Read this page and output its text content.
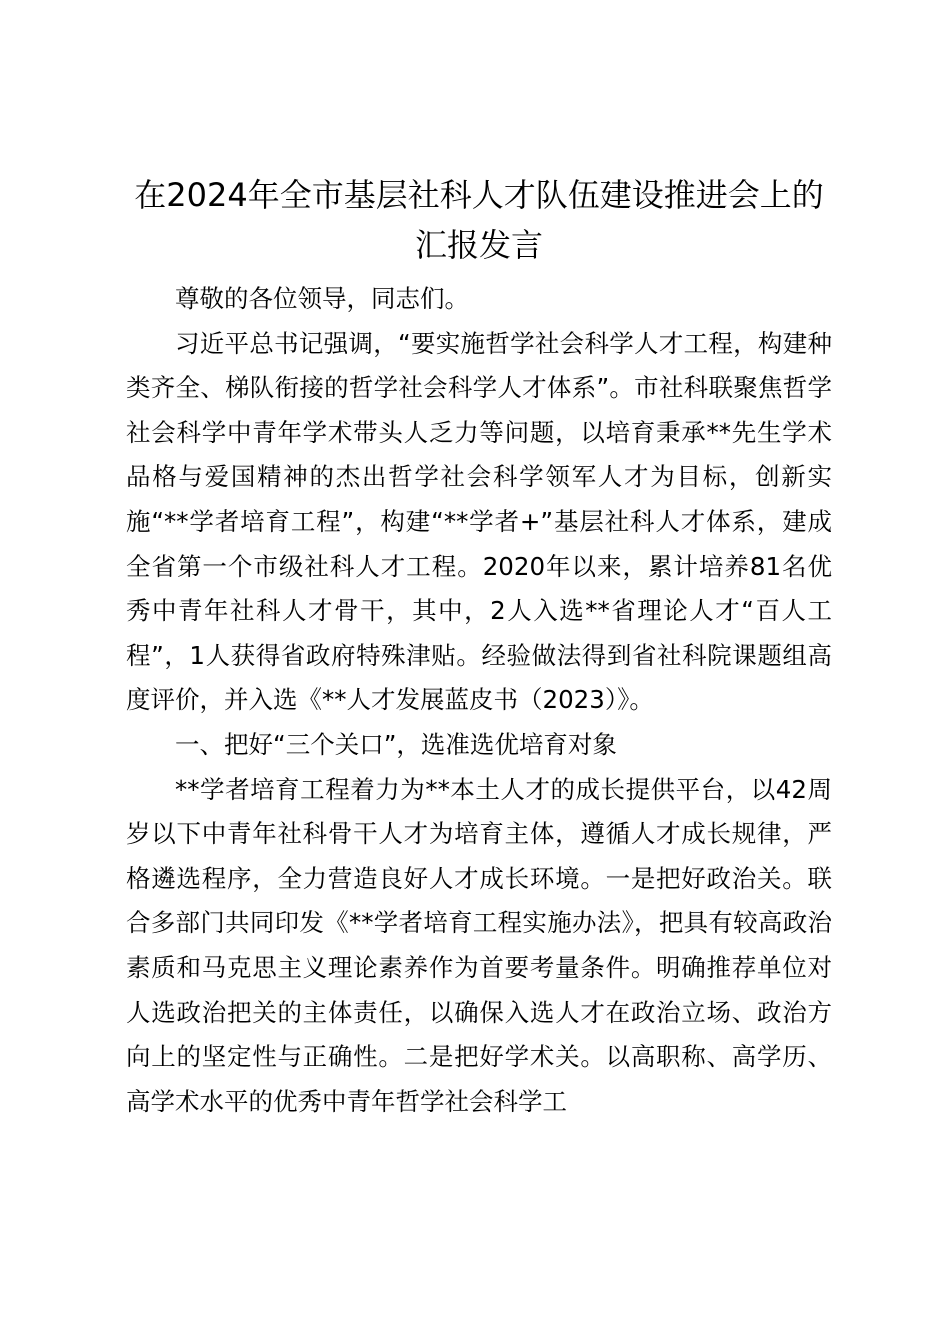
在2024年全市基层社科人才队伍建设推进会上的汇报发言

尊敬的各位领导，同志们。

习近平总书记强调，“要实施哲学社会科学人才工程，构建种类齐全、梯队衔接的哲学社会科学人才体系”。市社科联聚焦哲学社会科学中青年学术带头人乏力等问题，以培育秉承**先生学术品格与爱国精神的杰出哲学社会科学领军人才为目标，创新实施“**学者培育工程”，构建“**学者+”基层社科人才体系，建成全省第一个市级社科人才工程。2020年以来，累计培养81名优秀中青年社科人才骨干，其中，2人入选**省理论人才“百人工程”，1人获得省政府特殊津贴。经验做法得到省社科院课题组高度评价，并入选《**人才发展蓝皮书（2023）》。

一、把好“三个关口”，选准选优培育对象

**学者培育工程着力为**本土人才的成长提供平台，以42周岁以下中青年社科骨干人才为培育主体，遵循人才成长规律，严格遴选程序，全力营造良好人才成长环境。一是把好政治关。联合多部门共同印发《**学者培育工程实施办法》，把具有较高政治素质和马克思主义理论素养作为首要考量条件。明确推荐单位对人选政治把关的主体责任，以确保入选人才在政治立场、政治方向上的坚定性与正确性。二是把好学术关。以高职称、高学历、高学术水平的优秀中青年哲学社会科学工
